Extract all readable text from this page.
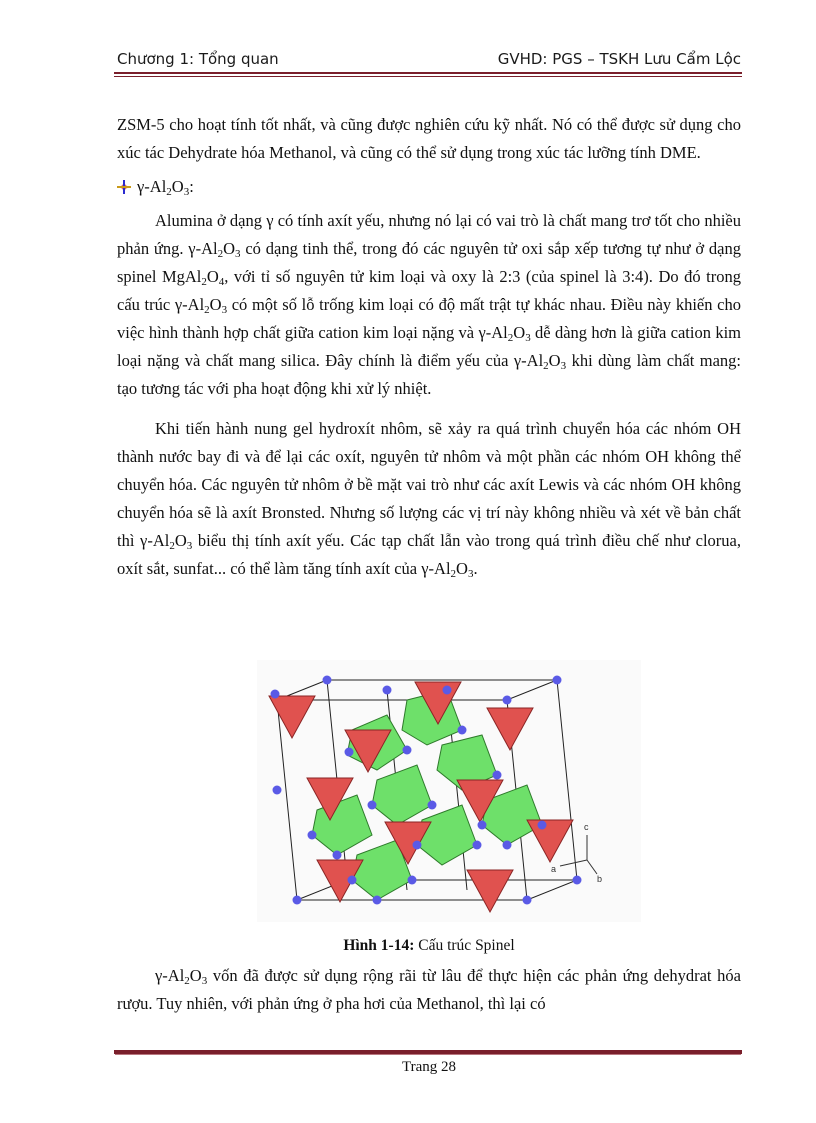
Chương 1: Tổng quan	GVHD: PGS – TSKH Lưu Cẩm Lộc

ZSM-5 cho hoạt tính tốt nhất, và cũng được nghiên cứu kỹ nhất. Nó có thể được sử dụng cho xúc tác Dehydrate hóa Methanol, và cũng có thể sử dụng trong xúc tác lưỡng tính DME.

$\gamma-Al_2O_3$:

Alumina ở dạng γ có tính axít yếu, nhưng nó lại có vai trò là chất mang trơ tốt cho nhiều phản ứng. $\gamma-Al_2O_3$ có dạng tinh thể, trong đó các nguyên tử oxi sắp xếp tương tự như ở dạng spinel $MgAl_2O_4$, với tỉ số nguyên tử kim loại và oxy là 2:3 (của spinel là 3:4). Do đó trong cấu trúc $\gamma-Al_2O_3$ có một số lỗ trống kim loại có độ mất trật tự khác nhau. Điều này khiến cho việc hình thành hợp chất giữa cation kim loại nặng và $\gamma-Al_2O_3$ dễ dàng hơn là giữa cation kim loại nặng và chất mang silica. Đây chính là điểm yếu của $\gamma-Al_2O_3$ khi dùng làm chất mang: tạo tương tác với pha hoạt động khi xử lý nhiệt.

Khi tiến hành nung gel hydroxít nhôm, sẽ xảy ra quá trình chuyển hóa các nhóm OH thành nước bay đi và để lại các oxít, nguyên tử nhôm và một phần các nhóm OH không thể chuyển hóa. Các nguyên tử nhôm ở bề mặt vai trò như các axít Lewis và các nhóm OH không chuyển hóa sẽ là axít Bronsted. Nhưng số lượng các vị trí này không nhiều và xét về bản chất thì $\gamma-Al_2O_3$ biểu thị tính axít yếu. Các tạp chất lẫn vào trong quá trình điều chế như clorua, oxít sắt, sunfat... có thể làm tăng tính axít của $\gamma-Al_2O_3$.

c
a
b
Hình 1-14: Cấu trúc Spinel

$\gamma-Al_2O_3$ vốn đã được sử dụng rộng rãi từ lâu để thực hiện các phản ứng dehydrat hóa rượu. Tuy nhiên, với phản ứng ở pha hơi của Methanol, thì lại có

Trang 28
